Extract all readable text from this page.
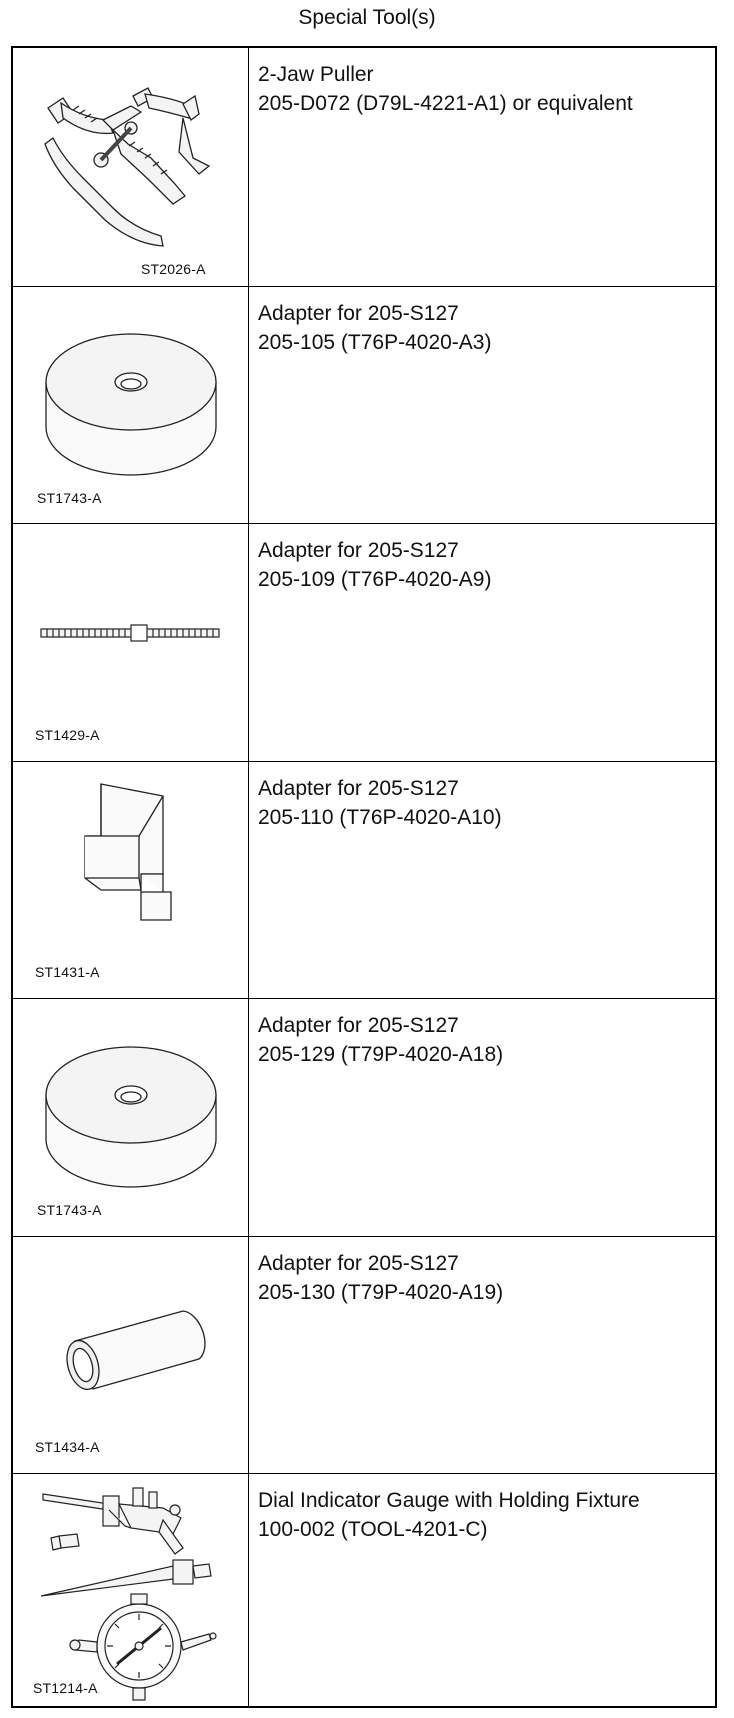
Special Tool(s)
ST2026-A
2-Jaw Puller
205-D072 (D79L-4221-A1) or equivalent
ST1743-A
Adapter for 205-S127
205-105 (T76P-4020-A3)
ST1429-A
Adapter for 205-S127
205-109 (T76P-4020-A9)
ST1431-A
Adapter for 205-S127
205-110 (T76P-4020-A10)
ST1743-A
Adapter for 205-S127
205-129 (T79P-4020-A18)
ST1434-A
Adapter for 205-S127
205-130 (T79P-4020-A19)
ST1214-A
Dial Indicator Gauge with Holding Fixture
100-002 (TOOL-4201-C)
